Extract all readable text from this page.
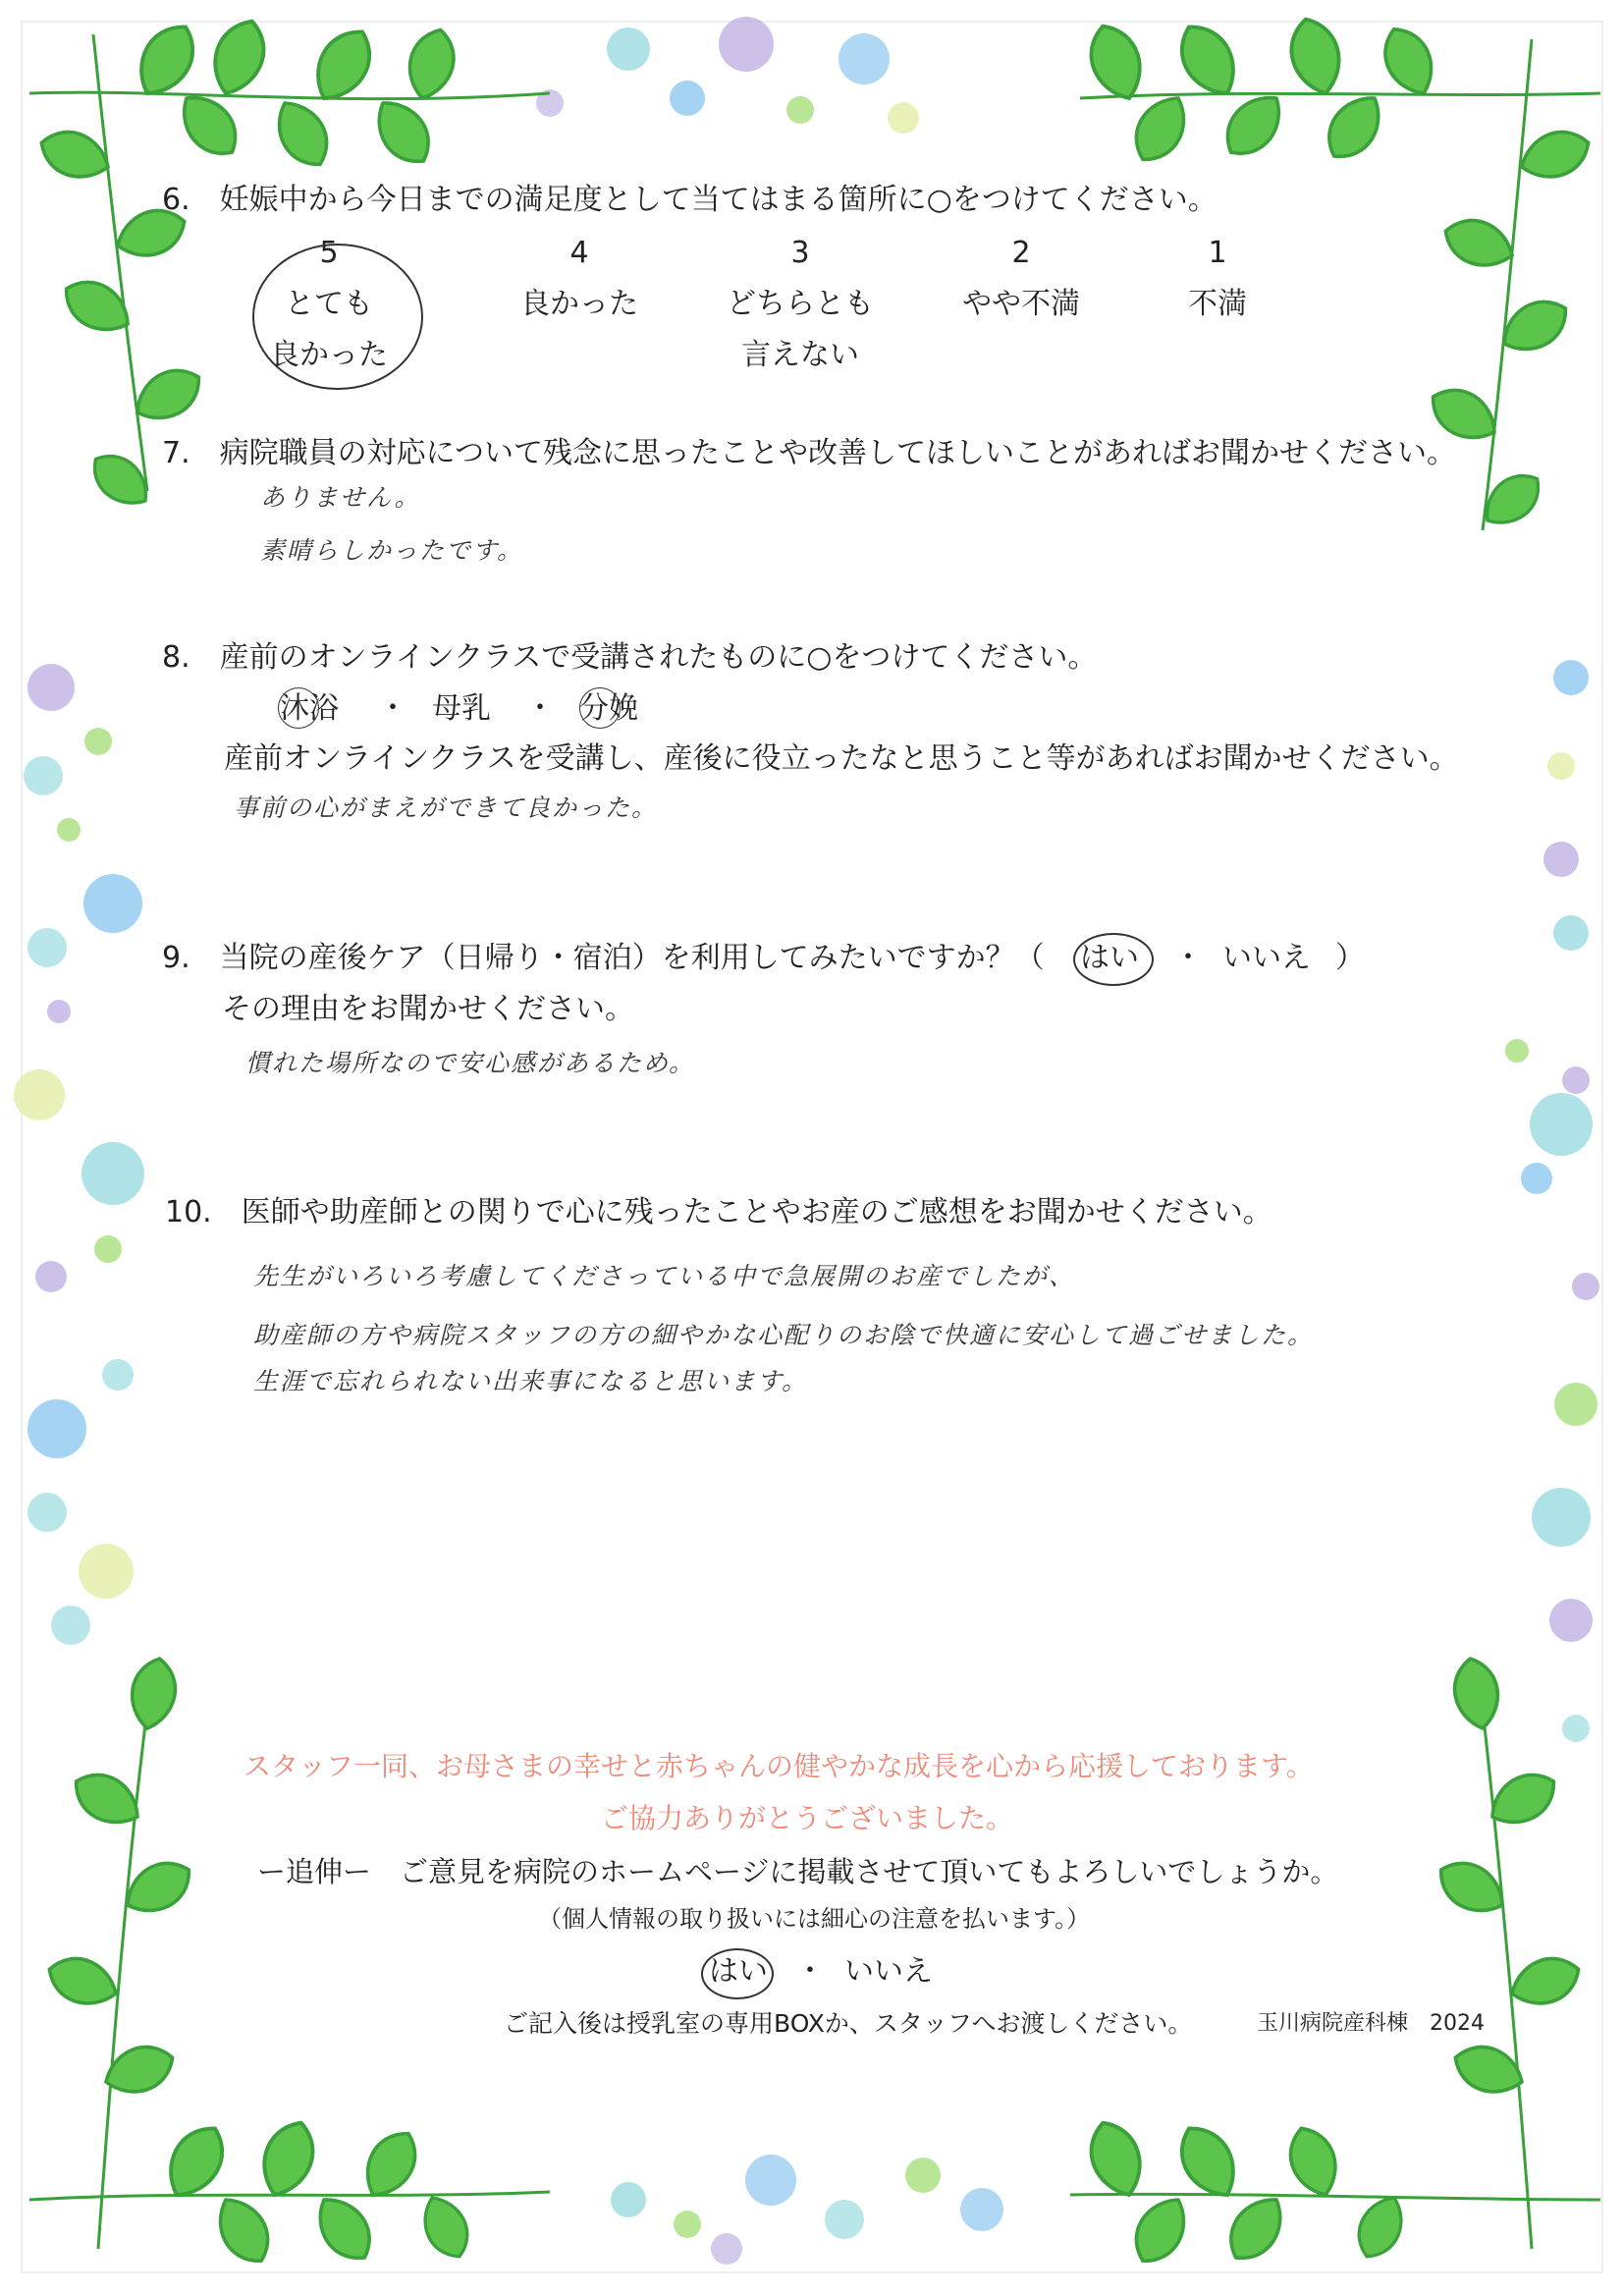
6.　妊娠中から今日までの満足度として当てはまる箇所に○をつけてください。
5
とても
良かった
4
良かった
3
どちらとも
言えない
2
やや不満
1
不満
7.　病院職員の対応について残念に思ったことや改善してほしいことがあればお聞かせください。
ありません。
素晴らしかったです。
8.　産前のオンラインクラスで受講されたものに○をつけてください。
沐浴 ・ 母乳 ・ 分娩
産前オンラインクラスを受講し、産後に役立ったなと思うこと等があればお聞かせください。
事前の心がまえができて良かった。
9.　当院の産後ケア（日帰り・宿泊）を利用してみたいですか？（ はい ・ いいえ ）
その理由をお聞かせください。
慣れた場所なので安心感があるため。
10.　医師や助産師との関りで心に残ったことやお産のご感想をお聞かせください。
先生がいろいろ考慮してくださっている中で急展開のお産でしたが、
助産師の方や病院スタッフの方の細やかな心配りのお陰で快適に安心して過ごせました。
生涯で忘れられない出来事になると思います。
スタッフ一同、お母さまの幸せと赤ちゃんの健やかな成長を心から応援しております。
ご協力ありがとうございました。
ー追伸ー　ご意見を病院のホームページに掲載させて頂いてもよろしいでしょうか。
（個人情報の取り扱いには細心の注意を払います。）
はい ・ いいえ
ご記入後は授乳室の専用BOXか、スタッフへお渡しください。	玉川病院産科棟　2024
